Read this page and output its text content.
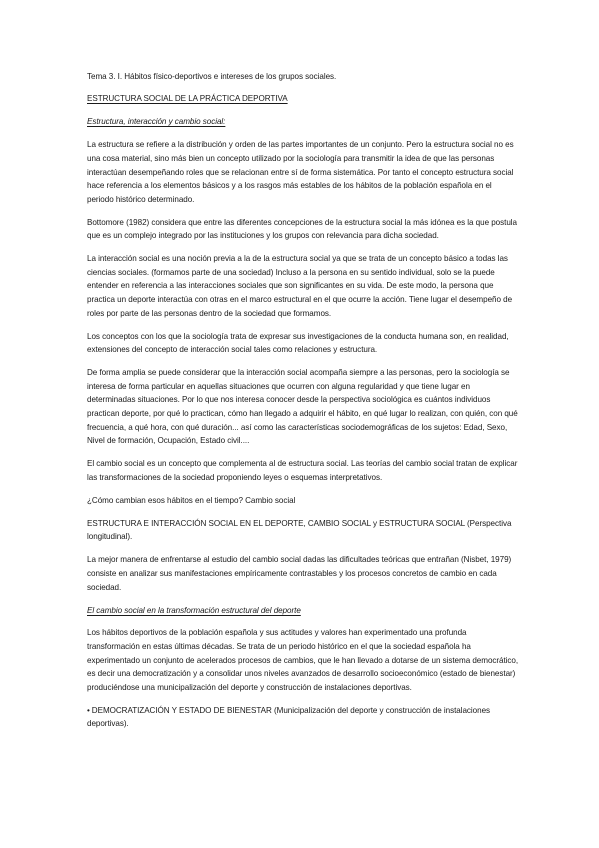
Tema 3. I. Hábitos físico-deportivos e intereses de los grupos sociales.

ESTRUCTURA SOCIAL DE LA PRÁCTICA DEPORTIVA

Estructura, interacción y cambio social:

La estructura se refiere a la distribución y orden de las partes importantes de un conjunto. Pero la estructura social no es una cosa material, sino más bien un concepto utilizado por la sociología para transmitir la idea de que las personas interactúan desempeñando roles que se relacionan entre sí de forma sistemática. Por tanto el concepto estructura social hace referencia a los elementos básicos y a los rasgos más estables de los hábitos de la población española en el periodo histórico determinado.

Bottomore (1982) considera que entre las diferentes concepciones de la estructura social la más idónea es la que postula que es un complejo integrado por las instituciones y los grupos con relevancia para dicha sociedad.

La interacción social es una noción previa a la de la estructura social ya que se trata de un concepto básico a todas las ciencias sociales. (formamos parte de una sociedad) Incluso a la persona en su sentido individual, solo se la puede entender en referencia a las interacciones sociales que son significantes en su vida. De este modo, la persona que practica un deporte interactúa con otras en el marco estructural en el que ocurre la acción. Tiene lugar el desempeño de roles por parte de las personas dentro de la sociedad que formamos.

Los conceptos con los que la sociología trata de expresar sus investigaciones de la conducta humana son, en realidad, extensiones del concepto de interacción social tales como relaciones y estructura.

De forma amplia se puede considerar que la interacción social acompaña siempre a las personas, pero la sociología se interesa de forma particular en aquellas situaciones que ocurren con alguna regularidad y que tiene lugar en determinadas situaciones. Por lo que nos interesa conocer desde la perspectiva sociológica es cuántos individuos practican deporte, por qué lo practican, cómo han llegado a adquirir el hábito, en qué lugar lo realizan, con quién, con qué frecuencia, a qué hora, con qué duración... así como las características sociodemográficas de los sujetos: Edad, Sexo, Nivel de formación, Ocupación, Estado civil....

El cambio social es un concepto que complementa al de estructura social. Las teorías del cambio social tratan de explicar las transformaciones de la sociedad proponiendo leyes o esquemas interpretativos.

¿Cómo cambian esos hábitos en el tiempo? Cambio social

ESTRUCTURA E INTERACCIÓN SOCIAL EN EL DEPORTE, CAMBIO SOCIAL y ESTRUCTURA SOCIAL (Perspectiva longitudinal).

La mejor manera de enfrentarse al estudio del cambio social dadas las dificultades teóricas que entrañan (Nisbet, 1979) consiste en analizar sus manifestaciones empíricamente contrastables y los procesos concretos de cambio en cada sociedad.

El cambio social en la transformación estructural del deporte

Los hábitos deportivos de la población española y sus actitudes y valores han experimentado una profunda transformación en estas últimas décadas. Se trata de un periodo histórico en el que la sociedad española ha experimentado un conjunto de acelerados procesos de cambios, que le han llevado a dotarse de un sistema democrático, es decir una democratización y a consolidar unos niveles avanzados de desarrollo socioeconómico (estado de bienestar) produciéndose una municipalización del deporte y construcción de instalaciones deportivas.

• DEMOCRATIZACIÓN Y ESTADO DE BIENESTAR (Municipalización del deporte y construcción de instalaciones deportivas).
